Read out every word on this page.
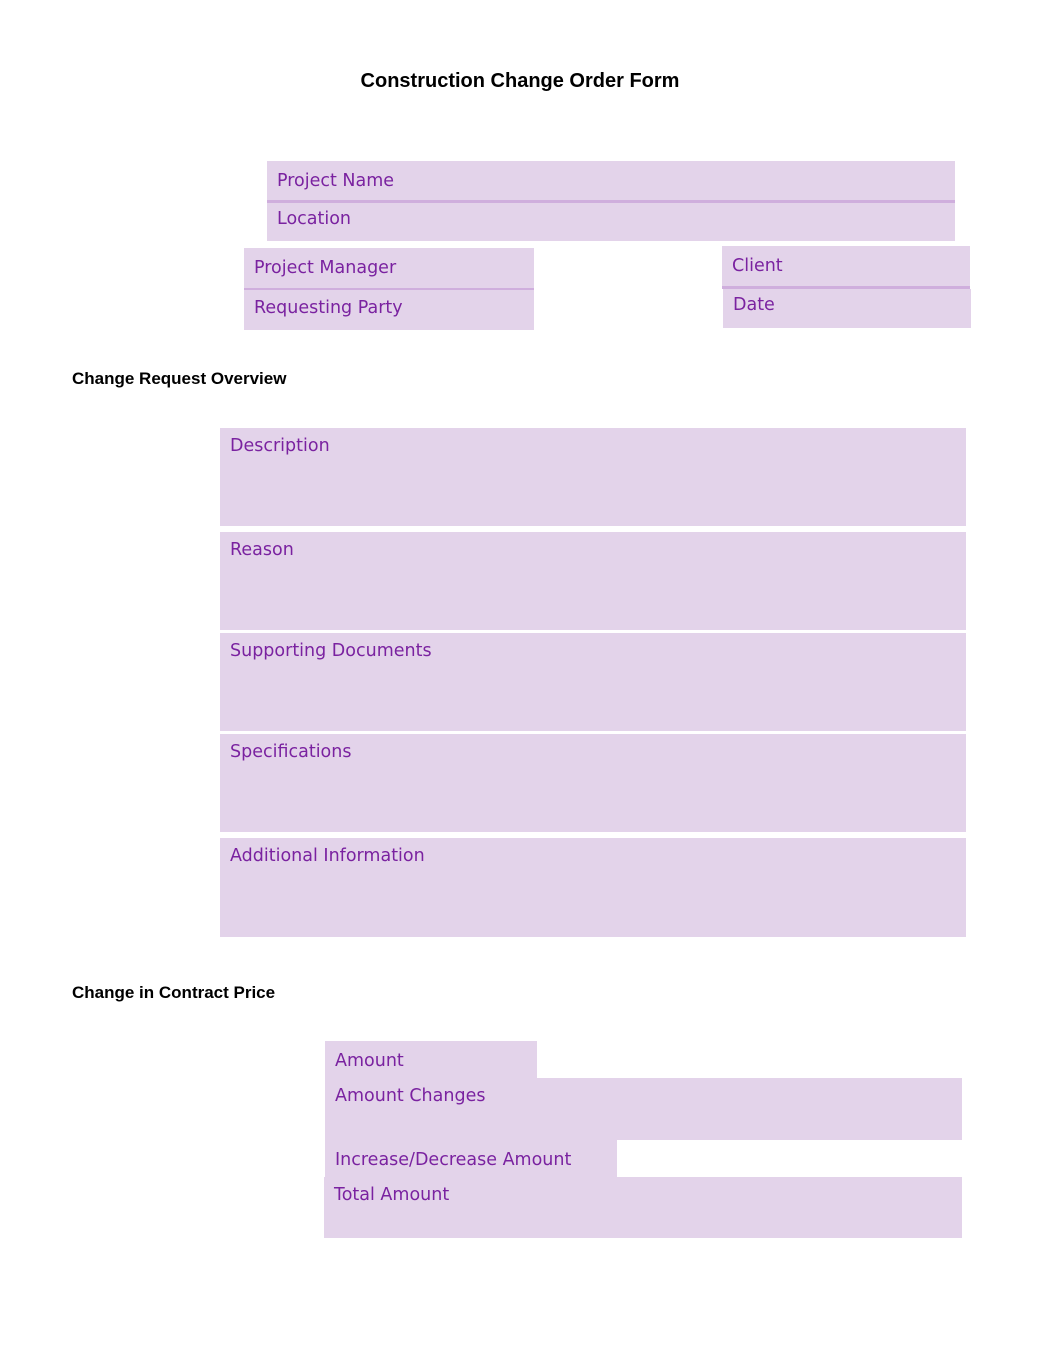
Construction Change Order Form
Project Name
Location
Project Manager
Requesting Party
Client
Date
Change Request Overview
Description
Reason
Supporting Documents
Specifications
Additional Information
Change in Contract Price
Amount
Amount Changes
Increase/Decrease Amount
Total Amount
